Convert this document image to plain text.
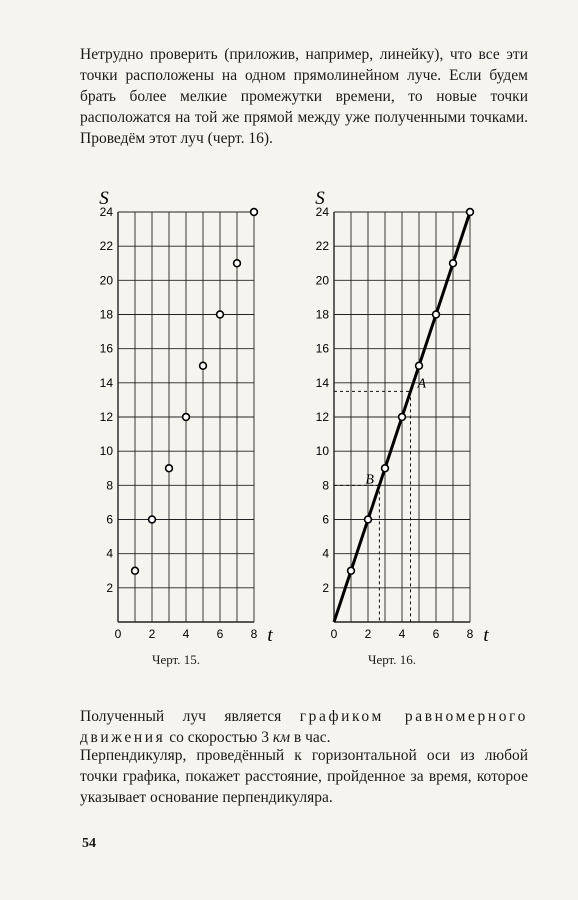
Нетрудно проверить (приложив, например, линейку), что все эти точки расположены на одном прямолинейном луче. Если будем брать более мелкие промежутки времени, то новые точки расположатся на той же прямой между уже полученными точками. Проведём этот луч (черт. 16).

0 2 4 6 8
2
4
6
8
10
12
14
16
18
20
22
24
S
t	0 2 4 6 8
2
4
6
8
10
12
14
16
18
20
22
24
S
t
A
B
Черт. 15.	Черт. 16.

Полученный луч является графиком равномерного движения со скоростью 3 км в час.

Перпендикуляр, проведённый к горизонтальной оси из любой точки графика, покажет расстояние, пройденное за время, которое указывает основание перпендикуляра.

54
